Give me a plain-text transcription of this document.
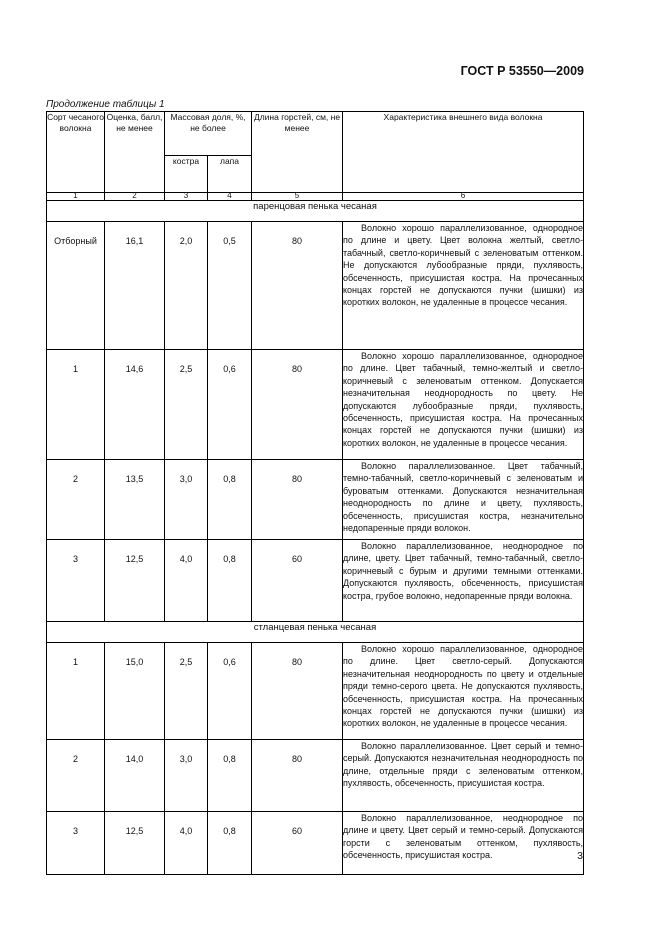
ГОСТ Р 53550—2009
Продолжение таблицы 1
Сорт чесаного волокна	Оценка, балл, не менее	Массовая доля, %, не более		Длина горстей, см, не менее	Характеристика внешнего вида волокна
		костра	лапа		
1	2	3	4	5	6
паренцовая пенька чесаная					
Отборный	16,1	2,0	0,5	80	Волокно хорошо параллелизованное, однородное по длине и цвету. Цвет волокна желтый, светло-табачный, светло-коричневый с зеленоватым оттенком. Не допускаются лубообразные пряди, пухлявость, обсеченность, присушистая костра. На прочесанных концах горстей не допускаются пучки (шишки) из коротких волокон, не удаленные в процессе чесания.

1	14,6	2,5	0,6	80	Волокно хорошо параллелизованное, однородное по длине. Цвет табачный, темно-желтый и светло-коричневый с зеленоватым оттенком. Допускается незначительная неоднородность по цвету. Не допускаются лубообразные пряди, пухлявость, обсеченность, присушистая костра. На прочесанных концах горстей не допускаются пучки (шишки) из коротких волокон, не удаленные в процессе чесания.

2	13,5	3,0	0,8	80	Волокно параллелизованное. Цвет табачный, темно-табачный, светло-коричневый с зеленоватым и буроватым оттенками. Допускаются незначительная неоднородность по длине и цвету, пухлявость, обсеченность, присушистая костра, незначительно недопаренные пряди волокон.

3	12,5	4,0	0,8	60	Волокно параллелизованное, неоднородное по длине, цвету. Цвет табачный, темно-табачный, светло-коричневый с бурым и другими темными оттенками. Допускаются пухлявость, обсеченность, присушистая костра, грубое волокно, недопаренные пряди волокна.

стланцевая пенька чесаная					
1	15,0	2,5	0,6	80	Волокно хорошо параллелизованное, однородное по длине. Цвет светло-серый. Допускаются незначительная неоднородность по цвету и отдельные пряди темно-серого цвета. Не допускаются пухлявость, обсеченность, присушистая костра. На прочесанных концах горстей не допускаются пучки (шишки) из коротких волокон, не удаленные в процессе чесания.

2	14,0	3,0	0,8	80	Волокно параллелизованное. Цвет серый и темно-серый. Допускаются незначительная неоднородность по длине, отдельные пряди с зеленоватым оттенком, пухлявость, обсеченность, присушистая костра.

3	12,5	4,0	0,8	60	Волокно параллелизованное, неоднородное по длине и цвету. Цвет серый и темно-серый. Допускаются горсти с зеленоватым оттенком, пухлявость, обсеченность, присушистая костра.	3
